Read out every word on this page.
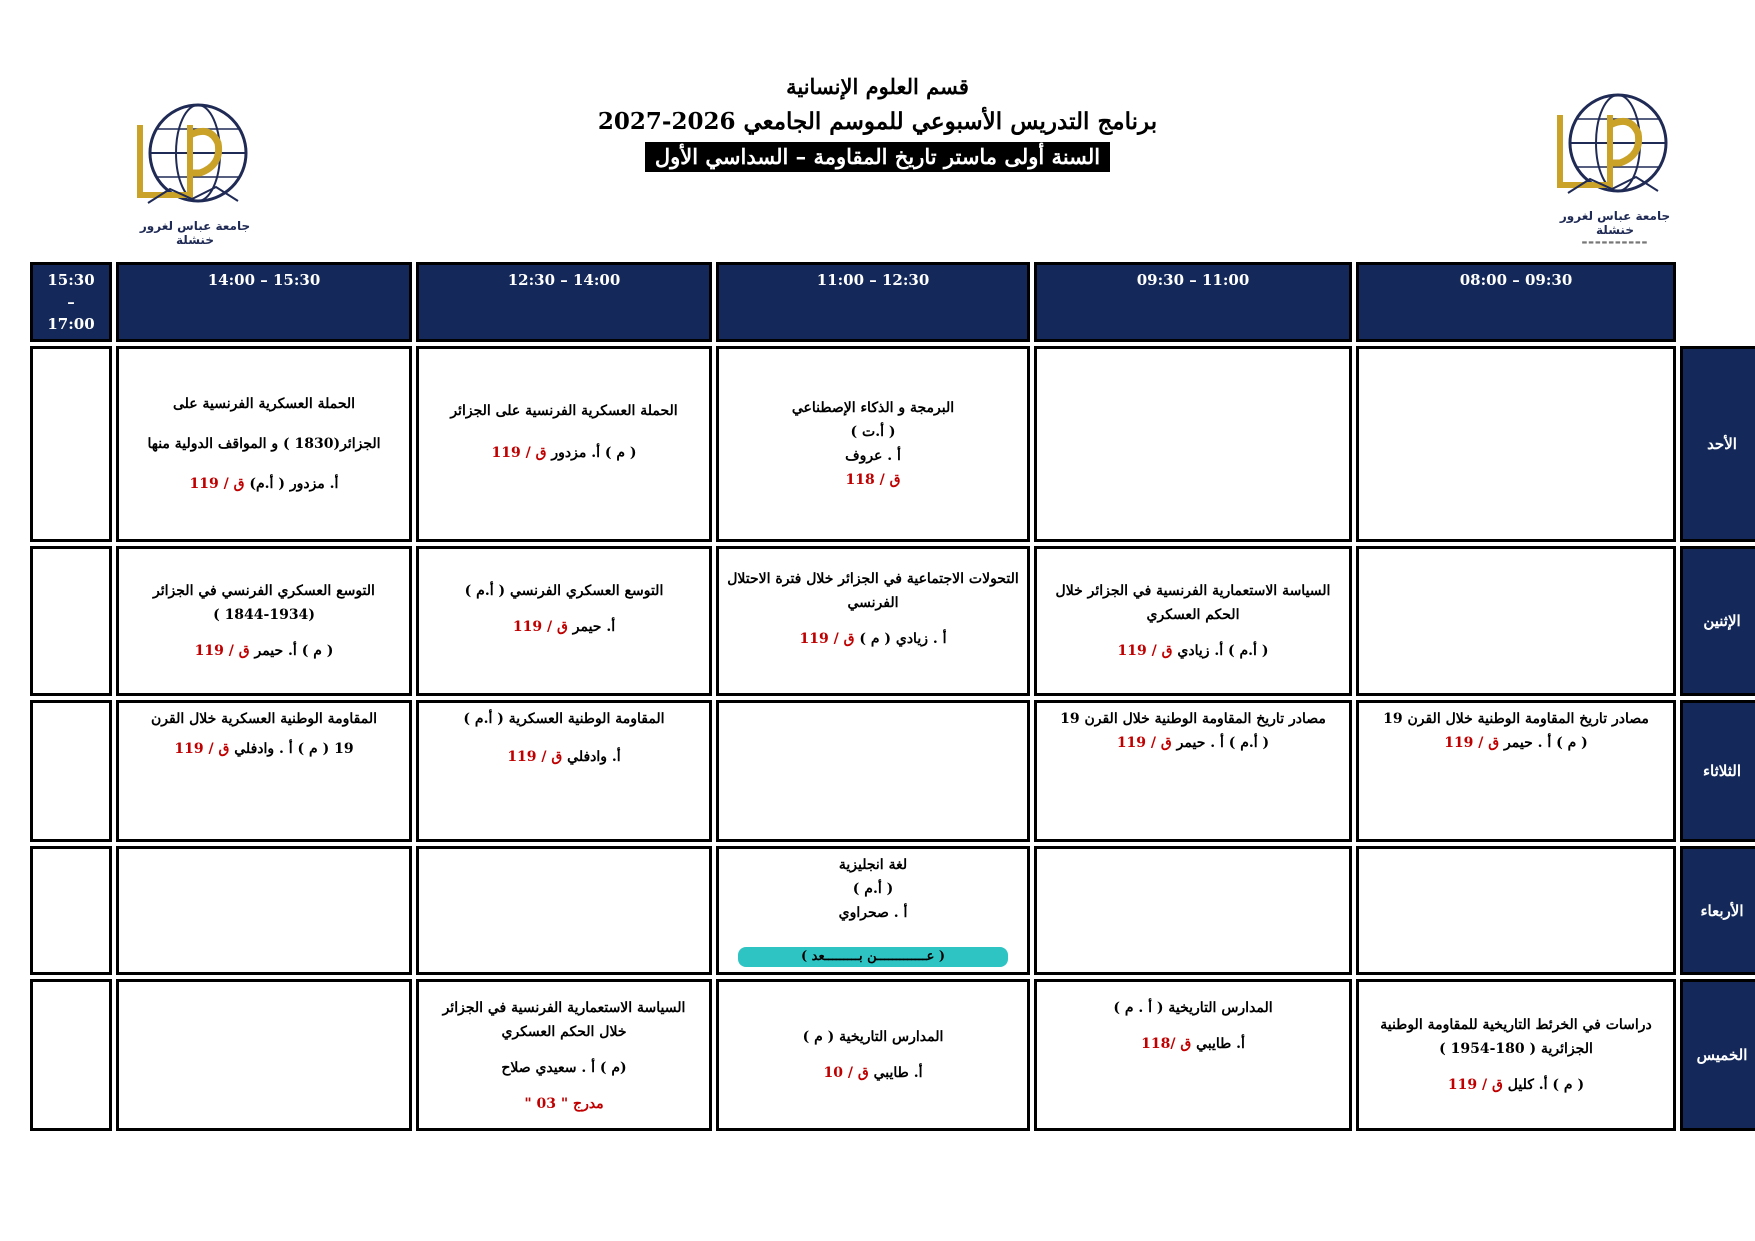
قسم العلوم الإنسانية
برنامج التدريس الأسبوعي للموسم الجامعي 2026-2027
السنة أولى ماستر تاريخ المقاومة – السداسي الأول
جامعة عباس لغرور خنشلة
جامعة عباس لغرور خنشلة
▬▬▬▬▬▬▬▬▬▬
	09:30 – 08:00	11:00 – 09:30	12:30 – 11:00	14:00 – 12:30	15:30 – 14:00	15:30 – 17:00
الأحد			البرمجة و الذكاء الإصطناعي
( أ.ت )
أ . عروف
ق / 118	الحملة العسكرية الفرنسية على الجزائر
( م ) أ. مزدور ق / 119	الحملة العسكرية الفرنسية على
الجزائر(1830 ) و المواقف الدولية منها
أ. مزدور ( أ.م) ق / 119	

الإثنين		السياسة الاستعمارية الفرنسية في الجزائر خلال الحكم العسكري
( أ.م ) أ. زيادي ق / 119	التحولات الاجتماعية في الجزائر خلال فترة الاحتلال الفرنسي
أ . زيادي ( م ) ق / 119	التوسع العسكري الفرنسي ( أ.م )
أ. حيمر ق / 119	التوسع العسكري الفرنسي في الجزائر
(1844-1934 )
( م ) أ. حيمر ق / 119	

الثلاثاء	مصادر تاريخ المقاومة الوطنية خلال القرن 19
( م ) أ . حيمر ق / 119	مصادر تاريخ المقاومة الوطنية خلال القرن 19
( أ.م ) أ . حيمر ق / 119		المقاومة الوطنية العسكرية ( أ.م )
أ. وادفلي ق / 119	المقاومة الوطنية العسكرية خلال القرن
19 ( م ) أ . وادفلي ق / 119	

الأربعاء			لغة انجليزية
( أ.م )
أ . صحراوي
( عـــــــــــــن بـــــــــعد )			
الخميس	دراسات في الخرئط التاريخية للمقاومة الوطنية الجزائرية ( 180-1954 )
( م ) أ. كليل ق / 119	المدارس التاريخية ( أ . م )
أ. طايبي ق /118	المدارس التاريخية ( م )
أ. طايبي ق / 10	السياسة الاستعمارية الفرنسية في الجزائر خلال الحكم العسكري
(م ) أ . سعيدي صلاح
مدرج " 03 "		
